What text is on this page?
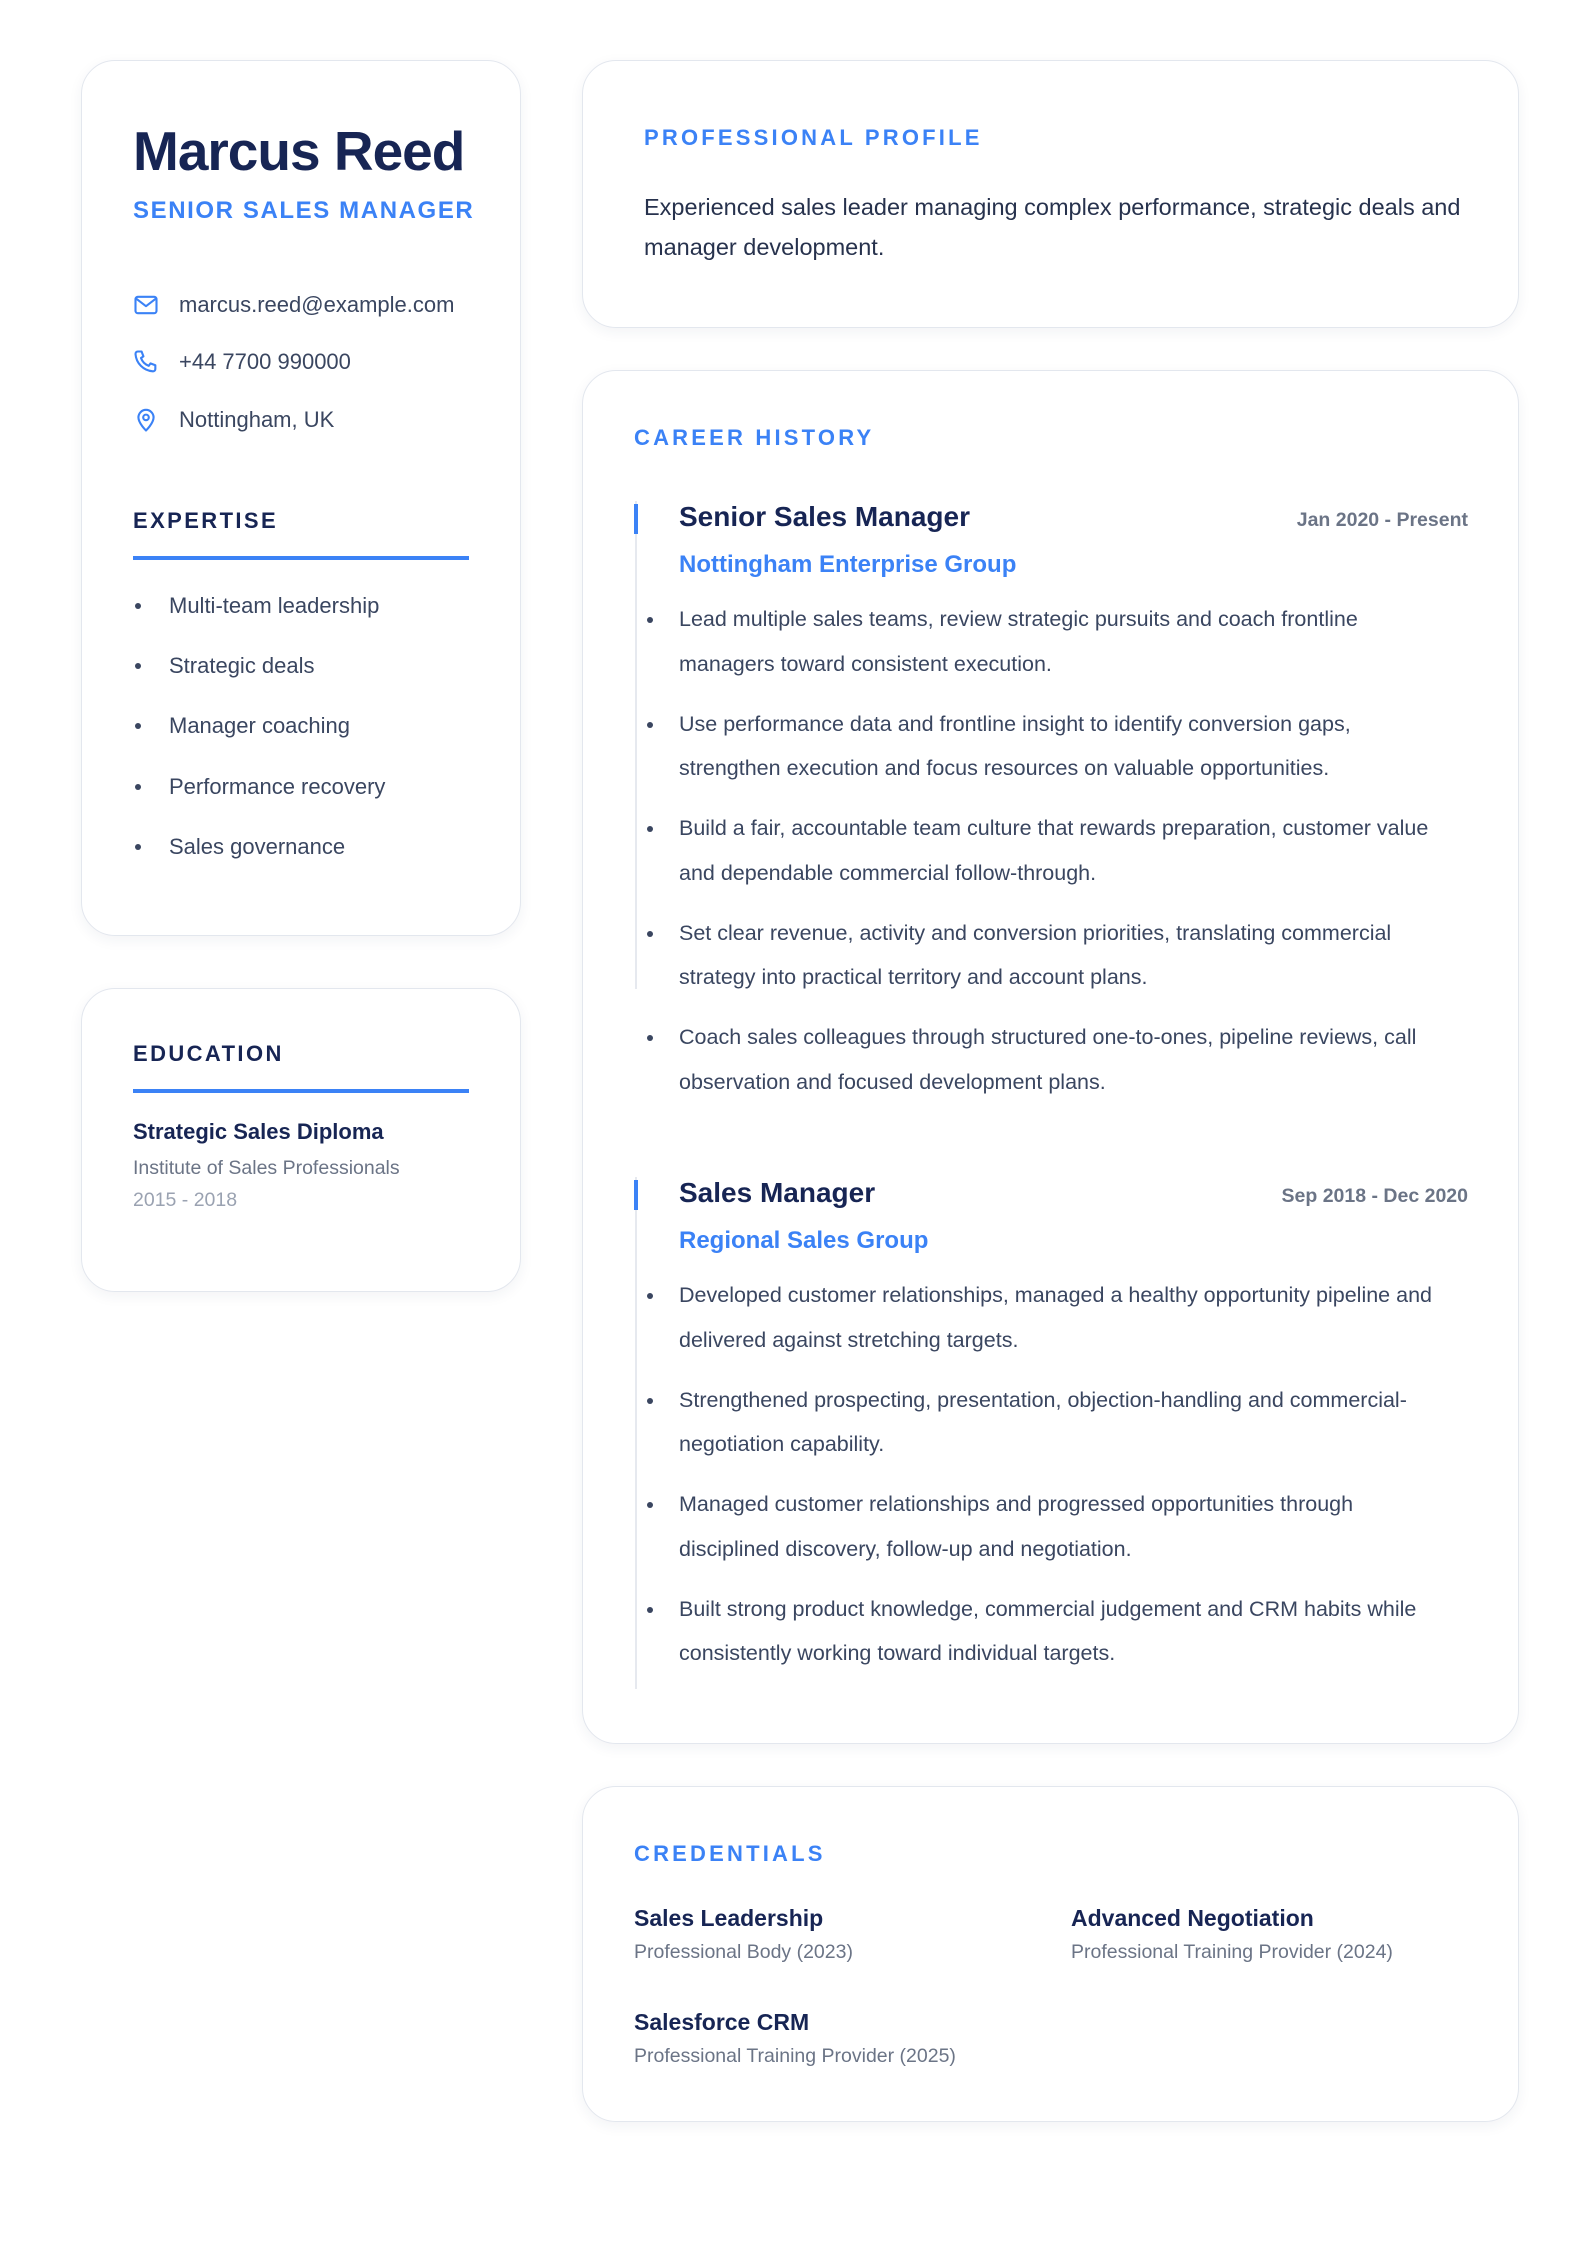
Marcus Reed
SENIOR SALES MANAGER
marcus.reed@example.com
+44 7700 990000
Nottingham, UK
EXPERTISE
Multi-team leadership
Strategic deals
Manager coaching
Performance recovery
Sales governance
EDUCATION
Strategic Sales Diploma
Institute of Sales Professionals
2015 - 2018
PROFESSIONAL PROFILE
Experienced sales leader managing complex performance, strategic deals and manager development.
CAREER HISTORY
Senior Sales Manager	Jan 2020 - Present
Nottingham Enterprise Group
Lead multiple sales teams, review strategic pursuits and coach frontline managers toward consistent execution.
Use performance data and frontline insight to identify conversion gaps, strengthen execution and focus resources on valuable opportunities.
Build a fair, accountable team culture that rewards preparation, customer value and dependable commercial follow-through.
Set clear revenue, activity and conversion priorities, translating commercial strategy into practical territory and account plans.
Coach sales colleagues through structured one-to-ones, pipeline reviews, call observation and focused development plans.
Sales Manager	Sep 2018 - Dec 2020
Regional Sales Group
Developed customer relationships, managed a healthy opportunity pipeline and delivered against stretching targets.
Strengthened prospecting, presentation, objection-handling and commercial-negotiation capability.
Managed customer relationships and progressed opportunities through disciplined discovery, follow-up and negotiation.
Built strong product knowledge, commercial judgement and CRM habits while consistently working toward individual targets.
CREDENTIALS
Sales Leadership
Professional Body (2023)
Advanced Negotiation
Professional Training Provider (2024)
Salesforce CRM
Professional Training Provider (2025)
